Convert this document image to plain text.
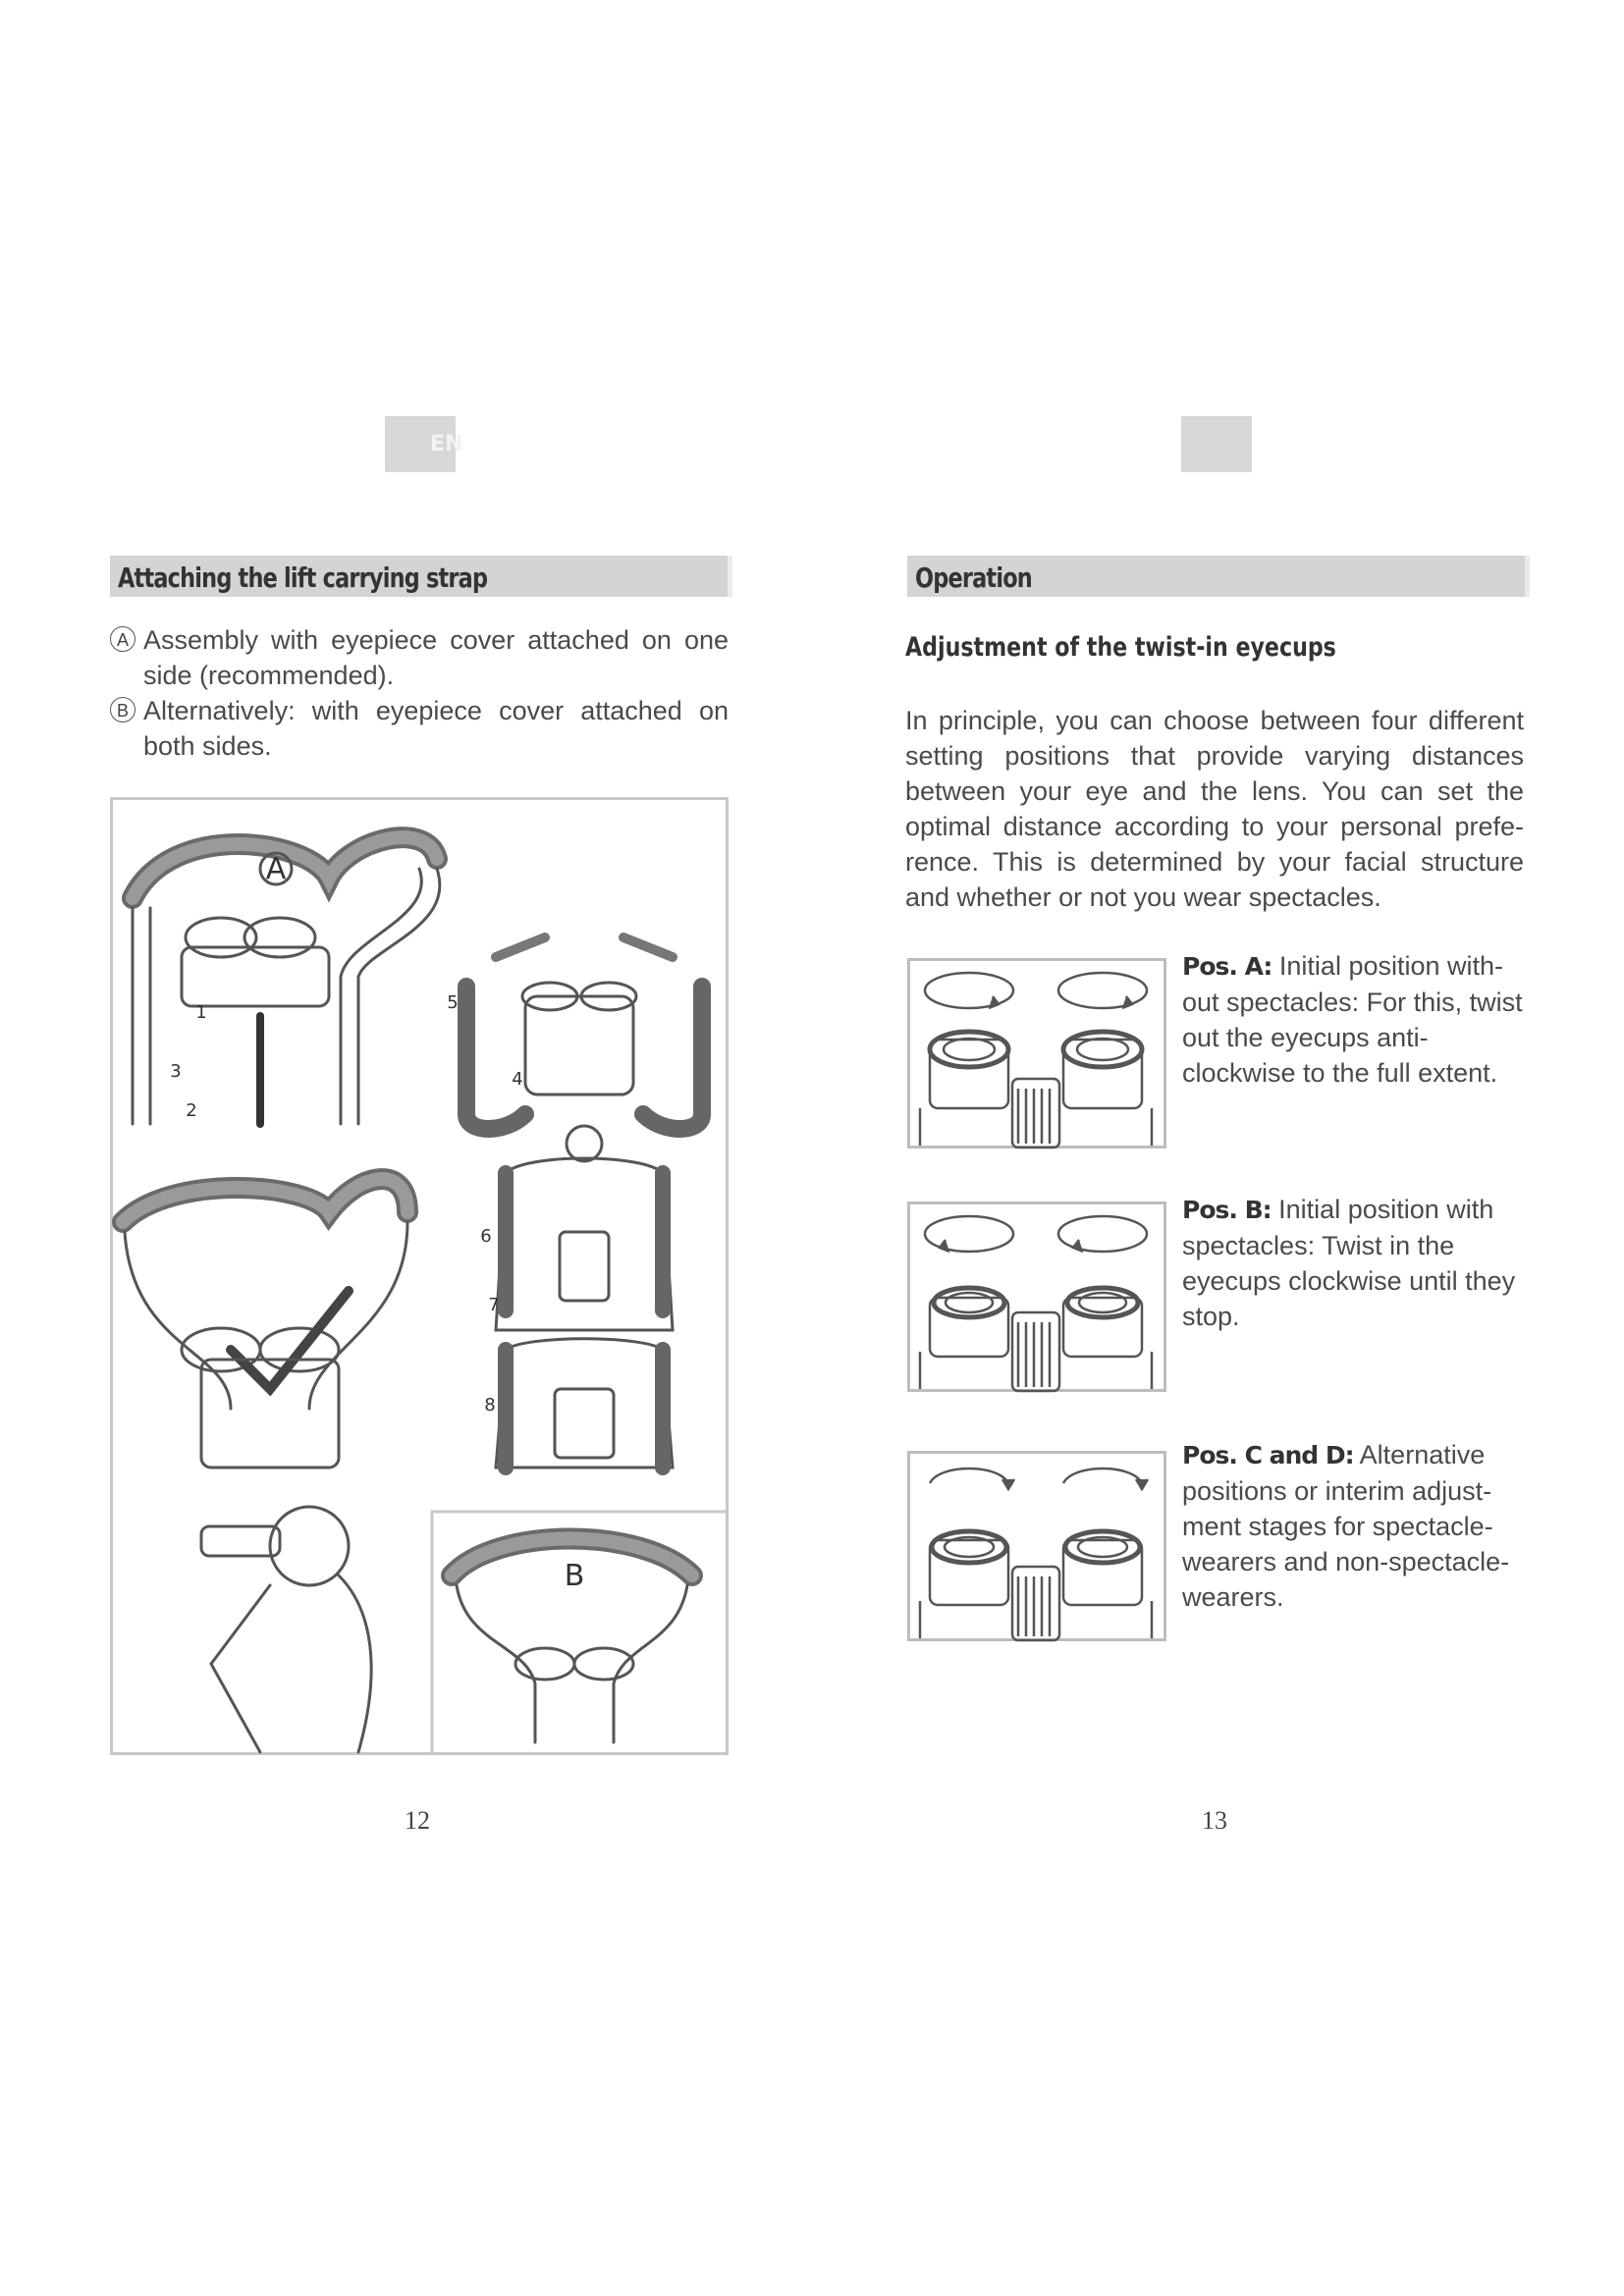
EN
Attaching the lift carrying strap
A Assembly with eyepiece cover attached on one side (recommended).
B Alternatively: with eyepiece cover attached on both sides.
A
B
1
2
3	4
5
6
7
8
12
Operation
Adjustment of the twist-in eyecups
In principle, you can choose between four different setting positions that provide varying distances between your eye and the lens. You can set the optimal distance according to your personal prefe-rence. This is determined by your facial structure and whether or not you wear spectacles.
Pos. A: Initial position with-out spectacles: For this, twist out the eyecups anti-clockwise to the full extent.
Pos. B: Initial position with spectacles: Twist in the eyecups clockwise until they stop.
Pos. C and D: Alternative positions or interim adjust-ment stages for spectacle-wearers and non-spectacle-wearers.
13
